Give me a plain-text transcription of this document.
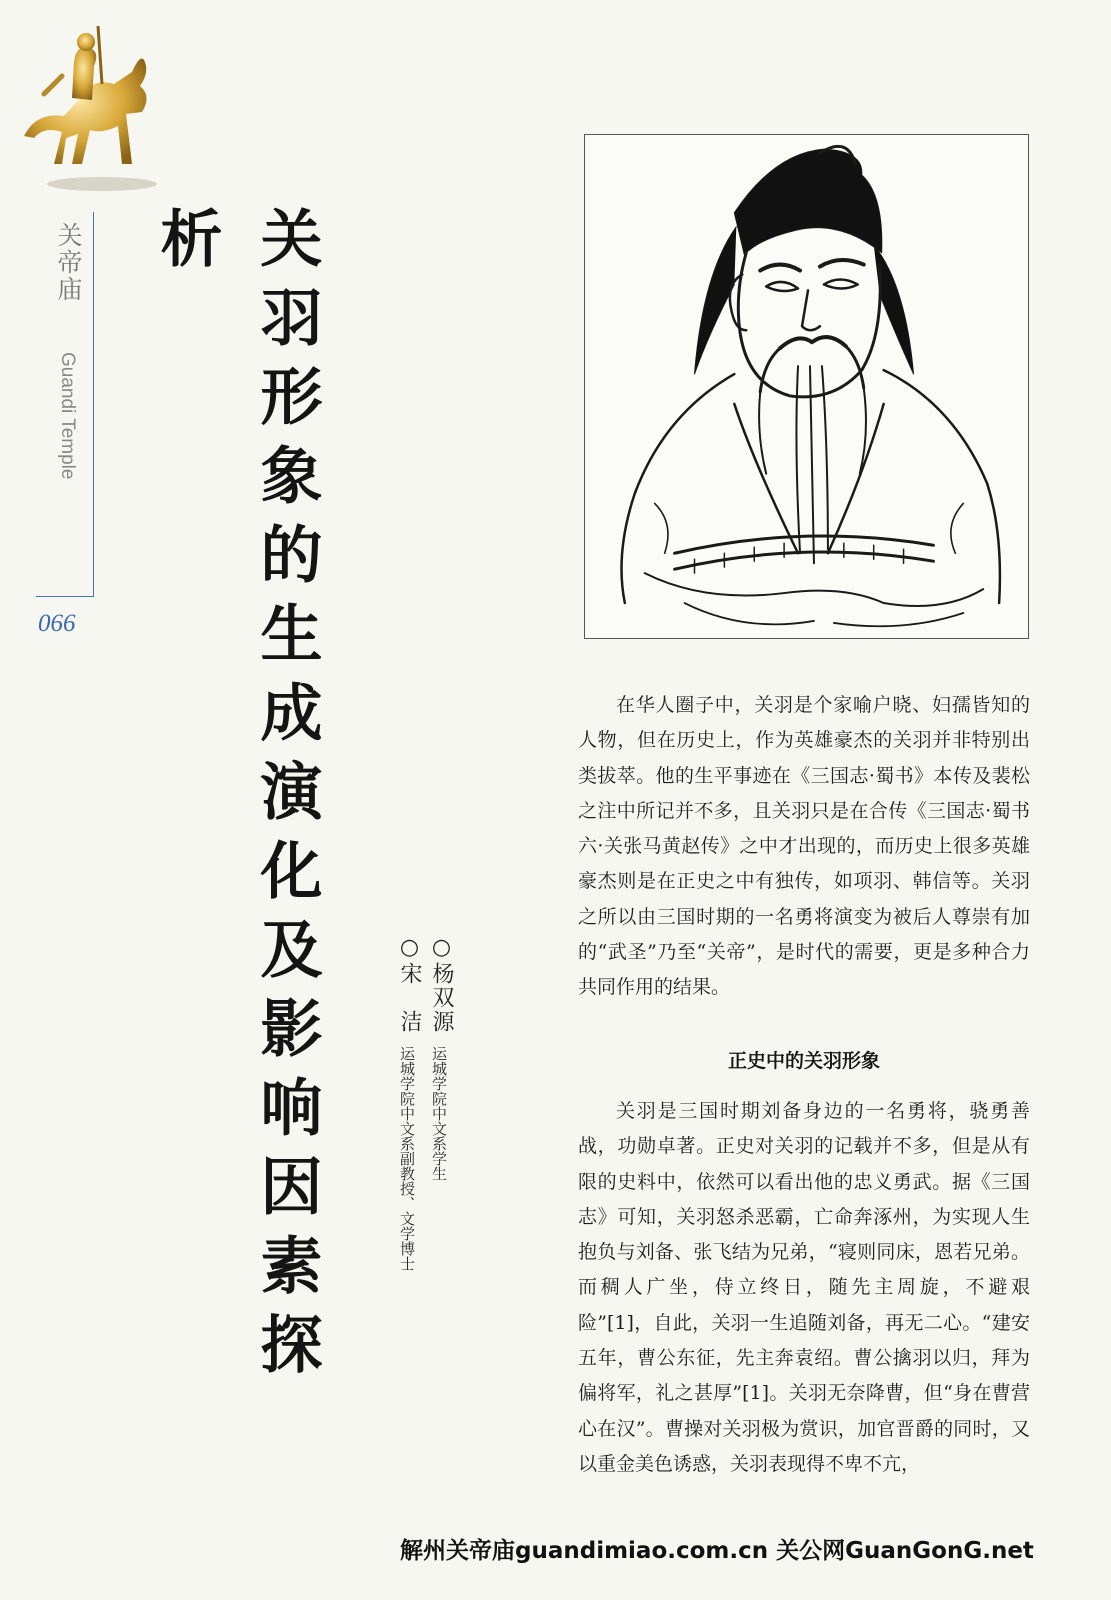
关帝庙
Guandi Temple
066	关羽形象的生成演化及影响因素探析
○宋　洁
运城学院中文系副教授、文学博士
○杨双源
运城学院中文系学生

在华人圈子中，关羽是个家喻户晓、妇孺皆知的人物，但在历史上，作为英雄豪杰的关羽并非特别出类拔萃。他的生平事迹在《三国志·蜀书》本传及裴松之注中所记并不多，且关羽只是在合传《三国志·蜀书六·关张马黄赵传》之中才出现的，而历史上很多英雄豪杰则是在正史之中有独传，如项羽、韩信等。关羽之所以由三国时期的一名勇将演变为被后人尊崇有加的“武圣”乃至“关帝”，是时代的需要，更是多种合力共同作用的结果。

正史中的关羽形象

关羽是三国时期刘备身边的一名勇将，骁勇善战，功勋卓著。正史对关羽的记载并不多，但是从有限的史料中，依然可以看出他的忠义勇武。据《三国志》可知，关羽怒杀恶霸，亡命奔涿州，为实现人生抱负与刘备、张飞结为兄弟，“寝则同床，恩若兄弟。而稠人广坐，侍立终日，随先主周旋，不避艰险”[1]，自此，关羽一生追随刘备，再无二心。“建安五年，曹公东征，先主奔袁绍。曹公擒羽以归，拜为偏将军，礼之甚厚”[1]。关羽无奈降曹，但“身在曹营心在汉”。曹操对关羽极为赏识，加官晋爵的同时，又以重金美色诱惑，关羽表现得不卑不亢，

解州关帝庙guandimiao.com.cn 关公网GuanGonG.net
